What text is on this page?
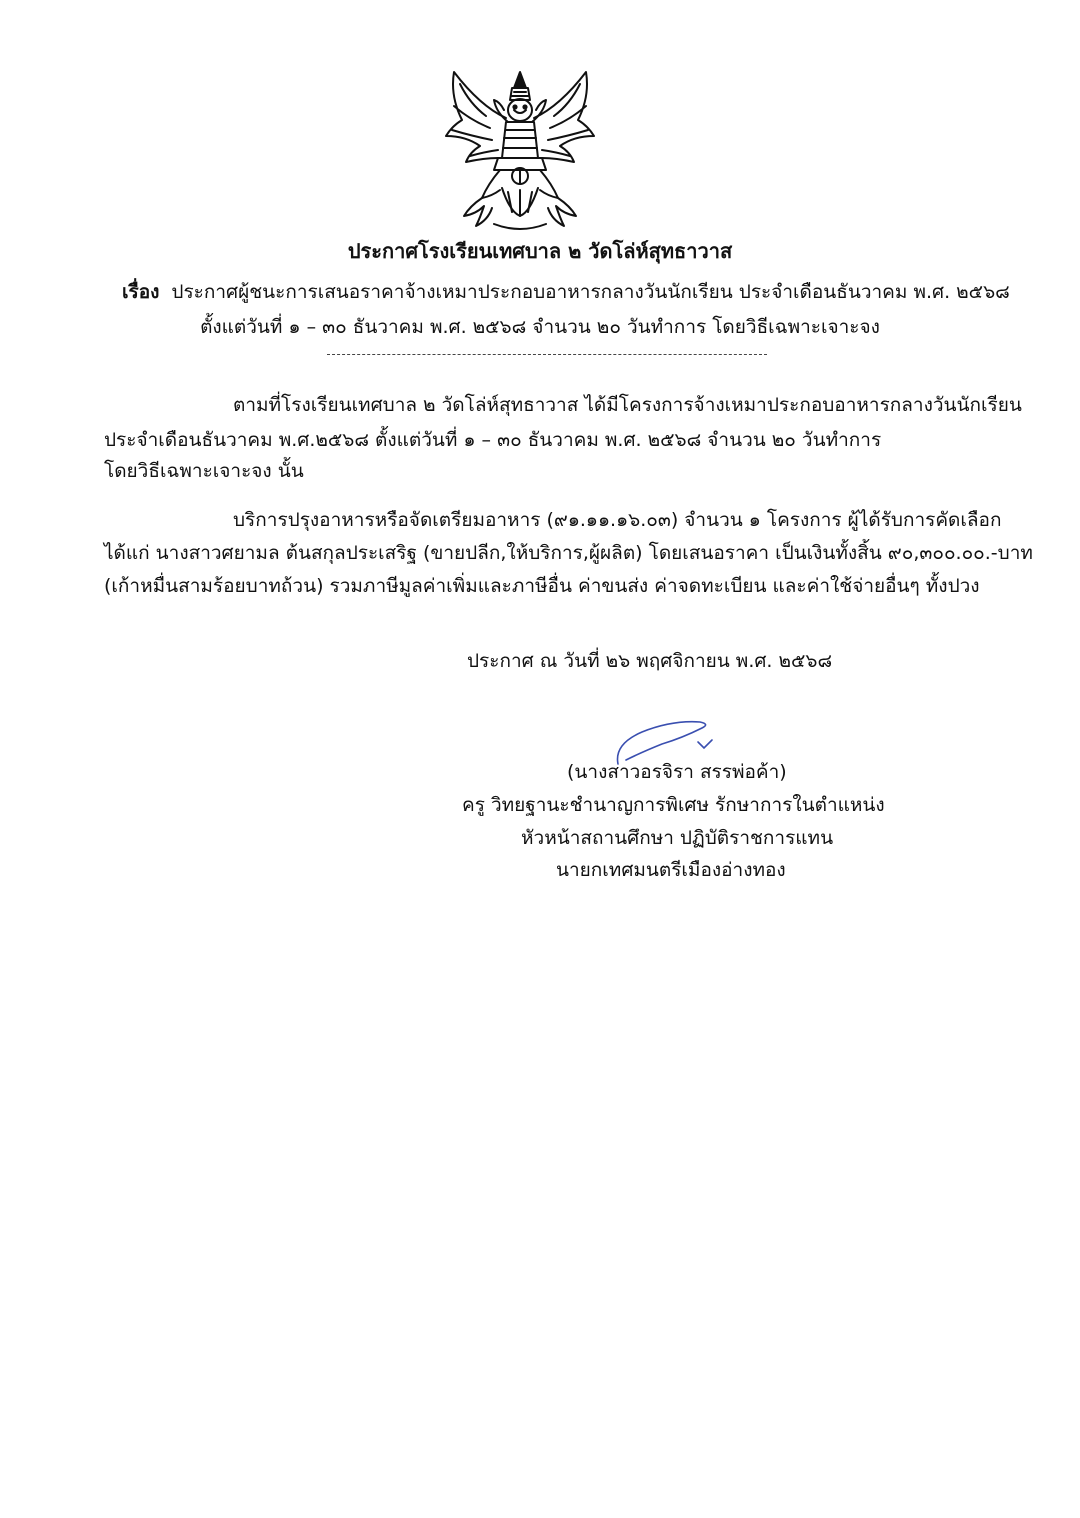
ประกาศโรงเรียนเทศบาล ๒ วัดโล่ห์สุทธาวาส
เรื่อง ประกาศผู้ชนะการเสนอราคาจ้างเหมาประกอบอาหารกลางวันนักเรียน ประจำเดือนธันวาคม พ.ศ. ๒๕๖๘
ตั้งแต่วันที่ ๑ – ๓๐ ธันวาคม พ.ศ. ๒๕๖๘ จำนวน ๒๐ วันทำการ โดยวิธีเฉพาะเจาะจง
ตามที่โรงเรียนเทศบาล ๒ วัดโล่ห์สุทธาวาส ได้มีโครงการจ้างเหมาประกอบอาหารกลางวันนักเรียน
ประจำเดือนธันวาคม พ.ศ.๒๕๖๘ ตั้งแต่วันที่ ๑ – ๓๐ ธันวาคม พ.ศ. ๒๕๖๘ จำนวน ๒๐ วันทำการ
โดยวิธีเฉพาะเจาะจง นั้น
บริการปรุงอาหารหรือจัดเตรียมอาหาร (๙๑.๑๑.๑๖.๐๓) จำนวน ๑ โครงการ ผู้ได้รับการคัดเลือก
ได้แก่ นางสาวศยามล ต้นสกุลประเสริฐ (ขายปลีก,ให้บริการ,ผู้ผลิต) โดยเสนอราคา เป็นเงินทั้งสิ้น ๙๐,๓๐๐.๐๐.-บาท
(เก้าหมื่นสามร้อยบาทถ้วน) รวมภาษีมูลค่าเพิ่มและภาษีอื่น ค่าขนส่ง ค่าจดทะเบียน และค่าใช้จ่ายอื่นๆ ทั้งปวง
ประกาศ ณ วันที่ ๒๖ พฤศจิกายน พ.ศ. ๒๕๖๘
(นางสาวอรจิรา สรรพ่อค้า)
ครู วิทยฐานะชำนาญการพิเศษ รักษาการในตำแหน่ง
หัวหน้าสถานศึกษา ปฏิบัติราชการแทน
นายกเทศมนตรีเมืองอ่างทอง
